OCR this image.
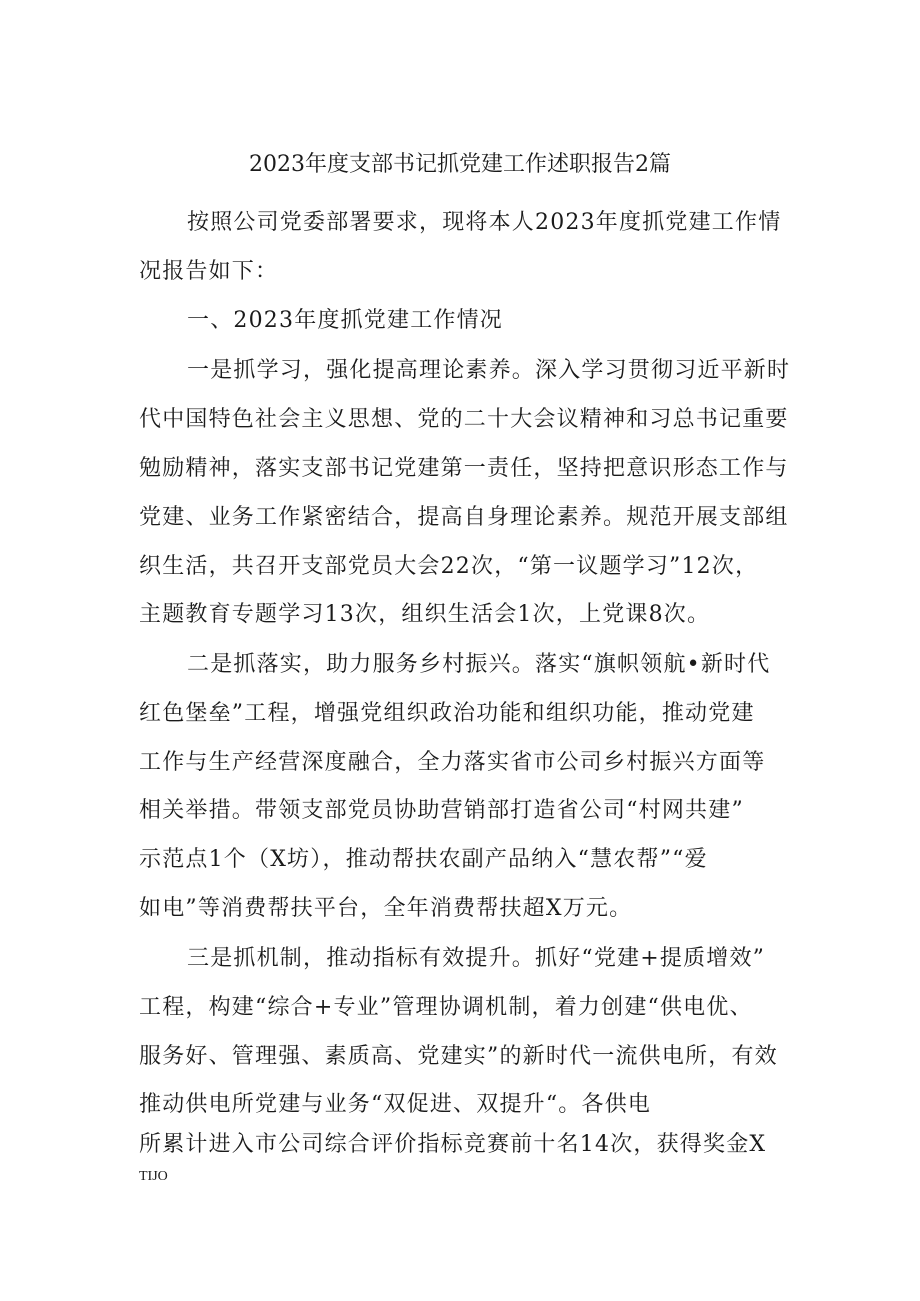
2023年度支部书记抓党建工作述职报告2篇
按照公司党委部署要求，现将本人2023年度抓党建工作情
况报告如下：
一、2023年度抓党建工作情况
一是抓学习，强化提高理论素养。深入学习贯彻习近平新时
代中国特色社会主义思想、党的二十大会议精神和习总书记重要
勉励精神，落实支部书记党建第一责任，坚持把意识形态工作与
党建、业务工作紧密结合，提高自身理论素养。规范开展支部组
织生活，共召开支部党员大会22次，“第一议题学习”12次，
主题教育专题学习13次，组织生活会1次，上党课8次。
二是抓落实，助力服务乡村振兴。落实“旗帜领航•新时代
红色堡垒”工程，增强党组织政治功能和组织功能，推动党建
工作与生产经营深度融合，全力落实省市公司乡村振兴方面等
相关举措。带领支部党员协助营销部打造省公司“村网共建”
示范点1个（X坊），推动帮扶农副产品纳入“慧农帮”“爱
如电”等消费帮扶平台，全年消费帮扶超X万元。
三是抓机制，推动指标有效提升。抓好“党建+提质增效”
工程，构建“综合+专业”管理协调机制，着力创建“供电优、
服务好、管理强、素质高、党建实”的新时代一流供电所，有效
推动供电所党建与业务“双促进、双提升“。各供电
所累计进入市公司综合评价指标竞赛前十名14次，获得奖金X
TIJO
